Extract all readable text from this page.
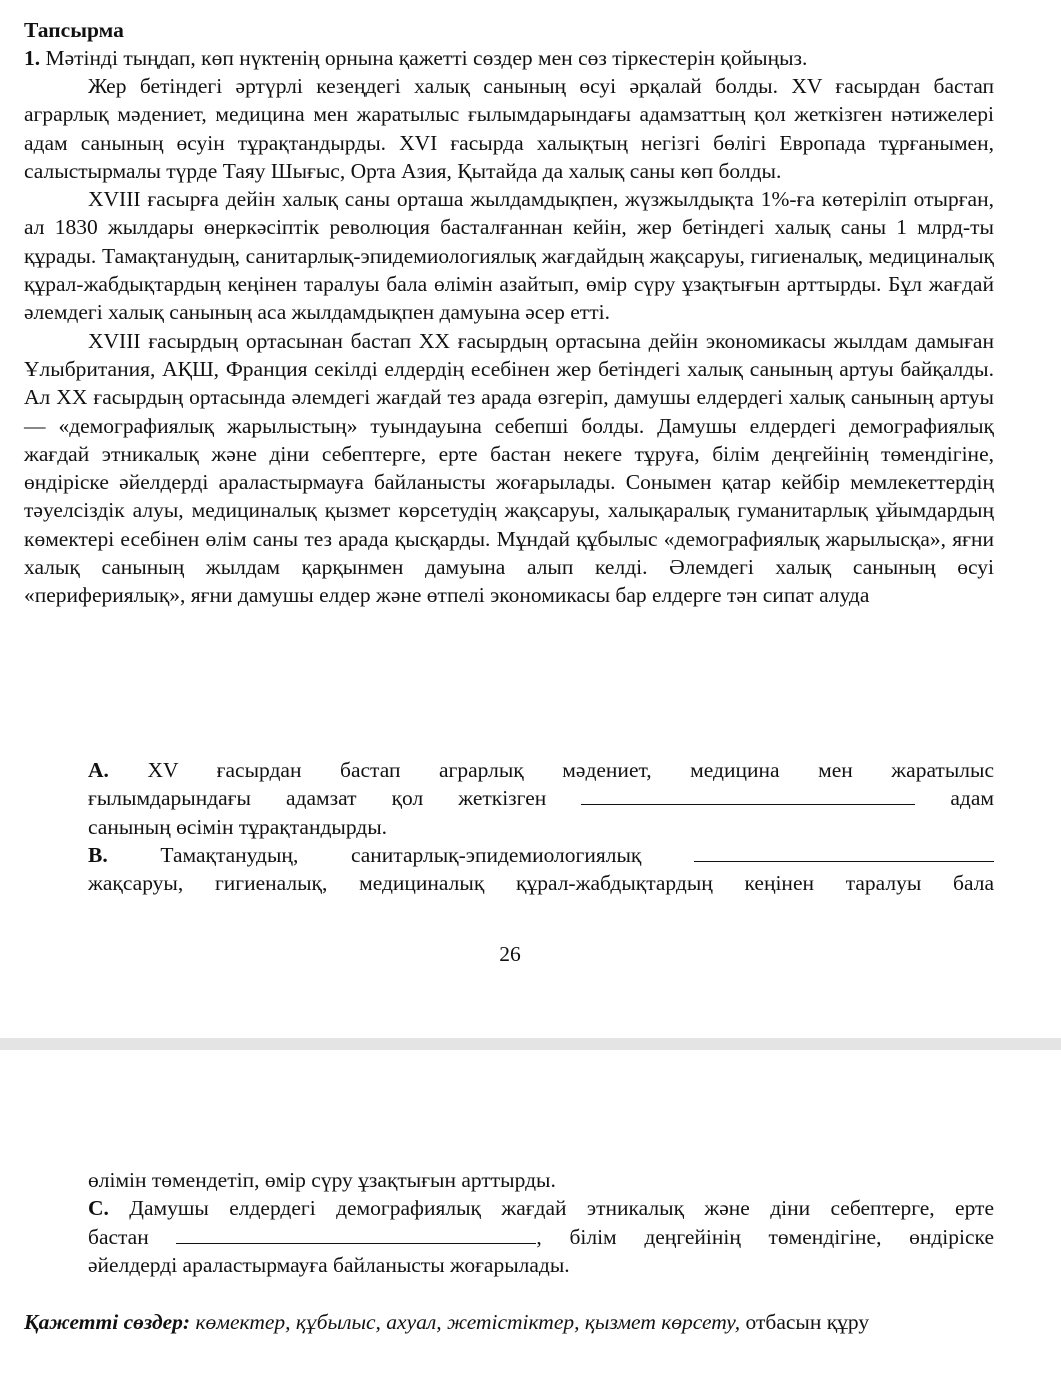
Тапсырма
1. Мәтінді тыңдап, көп нүктенің орнына қажетті сөздер мен сөз тіркестерін қойыңыз.

Жер бетіндегі әртүрлі кезеңдегі халық санының өсуі әрқалай болды. XV ғасырдан бастап аграрлық мәдениет, медицина мен жаратылыс ғылымдарындағы адамзаттың қол жеткізген нәтижелері адам санының өсуін тұрақтандырды. XVI ғасырда халықтың негізгі бөлігі Европада тұрғанымен, салыстырмалы түрде Таяу Шығыс, Орта Азия, Қытайда да халық саны көп болды.

XVIII ғасырға дейін халық саны орташа жылдамдықпен, жүзжылдықта 1%-ға көтеріліп отырған, ал 1830 жылдары өнеркәсіптік революция басталғаннан кейін, жер бетіндегі халық саны 1 млрд-ты құрады. Тамақтанудың, санитарлық-эпидемиологиялық жағдайдың жақсаруы, гигиеналық, медициналық құрал-жабдықтардың кеңінен таралуы бала өлімін азайтып, өмір сүру ұзақтығын арттырды. Бұл жағдай әлемдегі халық санының аса жылдамдықпен дамуына әсер етті.

XVIII ғасырдың ортасынан бастап XX ғасырдың ортасына дейін экономикасы жылдам дамыған Ұлыбритания, АҚШ, Франция секілді елдердің есебінен жер бетіндегі халық санының артуы байқалды. Ал XX ғасырдың ортасында әлемдегі жағдай тез арада өзгеріп, дамушы елдердегі халық санының артуы — «демографиялық жарылыстың» туындауына себепші болды. Дамушы елдердегі демографиялық жағдай этникалық және діни себептерге, ерте бастан некеге тұруға, білім деңгейінің төмендігіне, өндіріске әйелдерді араластырмауға байланысты жоғарылады. Сонымен қатар кейбір мемлекеттердің тәуелсіздік алуы, медициналық қызмет көрсетудің жақсаруы, халықаралық гуманитарлық ұйымдардың көмектері есебінен өлім саны тез арада қысқарды. Мұндай құбылыс «демографиялық жарылысқа», яғни халық санының жылдам қарқынмен дамуына алып келді. Әлемдегі халық санының өсуі «перифериялық», яғни дамушы елдер және өтпелі экономикасы бар елдерге тән сипат алуда

A. XV ғасырдан бастап аграрлық мәдениет, медицина мен жаратылыс

ғылымдарындағы адамзат қол жеткізген	адам

санының өсімін тұрақтандырды.

B. Тамақтанудың, санитарлық-эпидемиологиялық

жақсаруы, гигиеналық, медициналық құрал-жабдықтардың кеңінен таралуы бала

26

өлімін төмендетіп, өмір сүру ұзақтығын арттырды.

C. Дамушы елдердегі демографиялық жағдай этникалық және діни себептерге, ерте

бастан	, білім деңгейінің төмендігіне, өндіріске

әйелдерді араластырмауға байланысты жоғарылады.

Қажетті сөздер: көмектер, құбылыс, ахуал, жетістіктер, қызмет көрсету, отбасын құру
